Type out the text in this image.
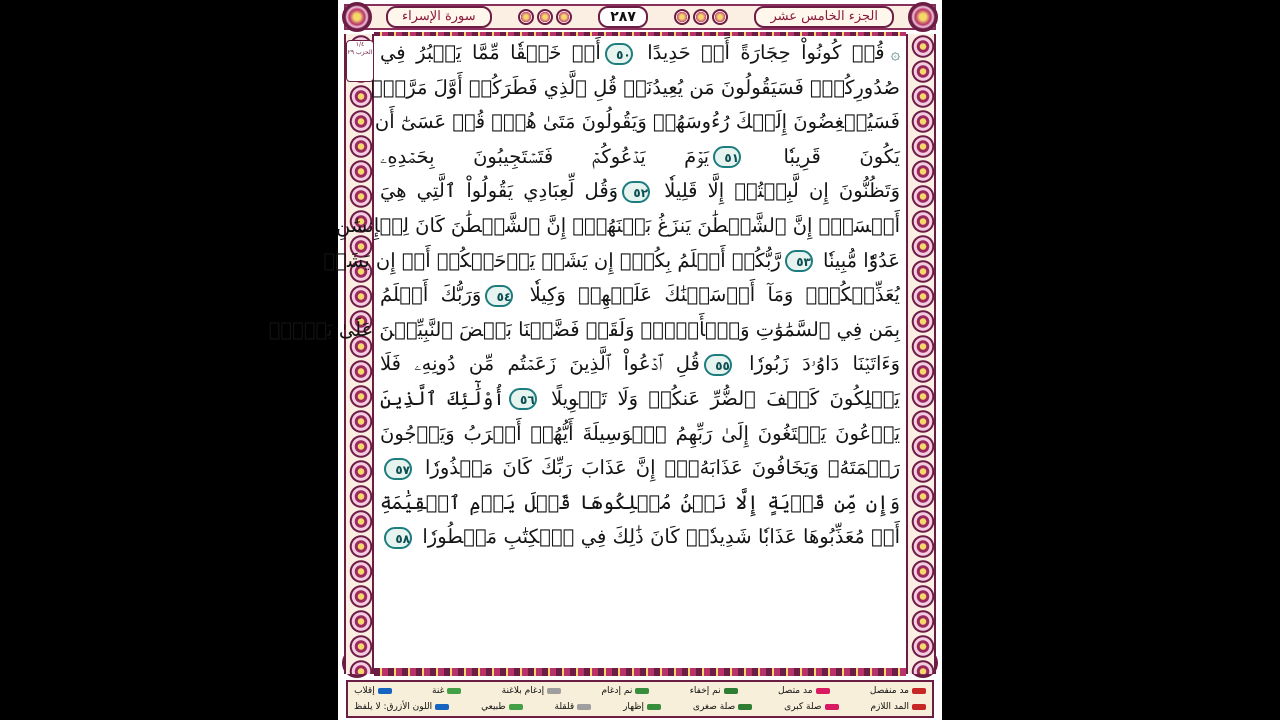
الجزء الخامس عشر
٢٨٧
سورة الإسراء
١/٤ الحزب ٢٩	۞قُلۡ كُونُواْ حِجَارَةً أَوۡ حَدِيدًا ٥٠أَوۡ خَلۡقٗا مِّمَّا يَكۡبُرُ فِي
صُدُورِكُمۡۚ فَسَيَقُولُونَ مَن يُعِيدُنَاۖ قُلِ ٱلَّذِي فَطَرَكُمۡ أَوَّلَ مَرَّةٖۚ
فَسَيُنۡغِضُونَ إِلَيۡكَ رُءُوسَهُمۡ وَيَقُولُونَ مَتَىٰ هُوَۖ قُلۡ عَسَىٰٓ أَن
يَكُونَ قَرِيبٗا ٥١يَوۡمَ يَدۡعُوكُمۡ فَتَسۡتَجِيبُونَ بِحَمۡدِهِۦ
وَتَظُنُّونَ إِن لَّبِثۡتُمۡ إِلَّا قَلِيلٗا ٥٢وَقُل لِّعِبَادِي يَقُولُواْ ٱلَّتِي هِيَ
أَحۡسَنُۚ إِنَّ ٱلشَّيۡطَٰنَ يَنزَغُ بَيۡنَهُمۡۚ إِنَّ ٱلشَّيۡطَٰنَ كَانَ لِلۡإِنسَٰنِ
عَدُوّٗا مُّبِينٗا ٥٣رَّبُّكُمۡ أَعۡلَمُ بِكُمۡۖ إِن يَشَأۡ يَرۡحَمۡكُمۡ أَوۡ إِن يَشَأۡ
يُعَذِّبۡكُمۡۚ وَمَآ أَرۡسَلۡنَٰكَ عَلَيۡهِمۡ وَكِيلٗا ٥٤وَرَبُّكَ أَعۡلَمُ
بِمَن فِي ٱلسَّمَٰوَٰتِ وَٱلۡأَرۡضِۗ وَلَقَدۡ فَضَّلۡنَا بَعۡضَ ٱلنَّبِيِّـۧنَ عَلَىٰ بَعۡضٖۖ
وَءَاتَيۡنَا دَاوُۥدَ زَبُورٗا ٥٥قُلِ ٱدۡعُواْ ٱلَّذِينَ زَعَمۡتُم مِّن دُونِهِۦ فَلَا
يَمۡلِكُونَ كَشۡفَ ٱلضُّرِّ عَنكُمۡ وَلَا تَحۡوِيلًا ٥٦أُوْلَٰٓئِكَ ٱلَّذِينَ
يَدۡعُونَ يَبۡتَغُونَ إِلَىٰ رَبِّهِمُ ٱلۡوَسِيلَةَ أَيُّهُمۡ أَقۡرَبُ وَيَرۡجُونَ
رَحۡمَتَهُۥ وَيَخَافُونَ عَذَابَهُۥٓۚ إِنَّ عَذَابَ رَبِّكَ كَانَ مَحۡذُورٗا ٥٧
وَإِن مِّن قَرۡيَةٍ إِلَّا نَحۡنُ مُهۡلِكُوهَا قَبۡلَ يَوۡمِ ٱلۡقِيَٰمَةِ
أَوۡ مُعَذِّبُوهَا عَذَابٗا شَدِيدٗاۚ كَانَ ذَٰلِكَ فِي ٱلۡكِتَٰبِ مَسۡطُورٗا ٥٨
مد منفصل
مد متصل
نم إخفاء
نم إدغام
إدغام بلاغنة
غنة
إقلاب
المد اللازم
صلة كبرى
صلة صغرى
إظهار
قلقلة
طبيعي
اللون الأزرق: لا يلفظ
